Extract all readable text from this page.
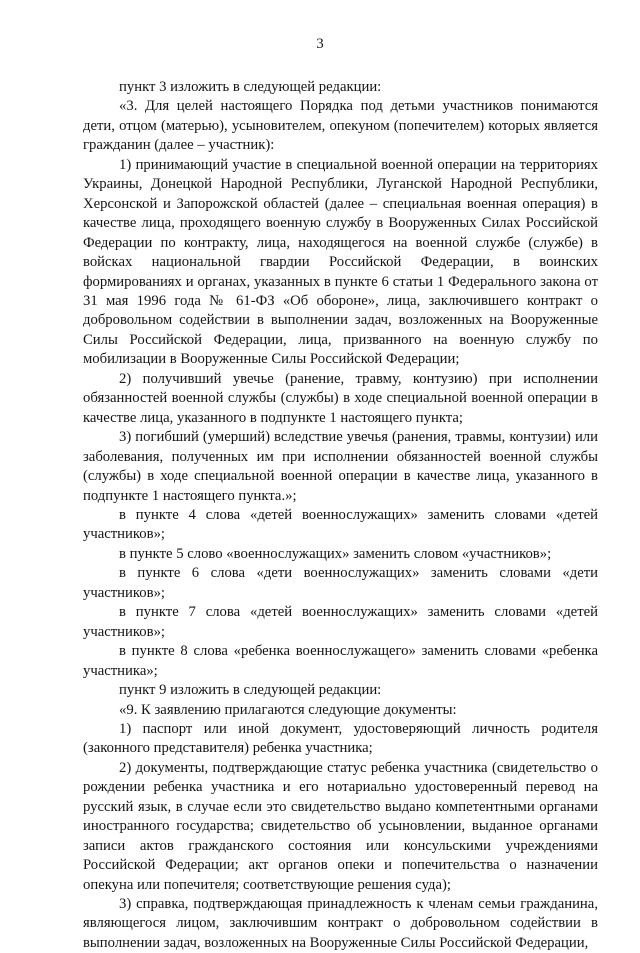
3

пункт 3 изложить в следующей редакции:

«3. Для целей настоящего Порядка под детьми участников понимаются дети, отцом (матерью), усыновителем, опекуном (попечителем) которых является гражданин (далее – участник):

1) принимающий участие в специальной военной операции на территориях Украины, Донецкой Народной Республики, Луганской Народной Республики, Херсонской и Запорожской областей (далее – специальная военная операция) в качестве лица, проходящего военную службу в Вооруженных Силах Российской Федерации по контракту, лица, находящегося на военной службе (службе) в войсках национальной гвардии Российской Федерации, в воинских формированиях и органах, указанных в пункте 6 статьи 1 Федерального закона от 31 мая 1996 года № 61-ФЗ «Об обороне», лица, заключившего контракт о добровольном содействии в выполнении задач, возложенных на Вооруженные Силы Российской Федерации, лица, призванного на военную службу по мобилизации в Вооруженные Силы Российской Федерации;

2) получивший увечье (ранение, травму, контузию) при исполнении обязанностей военной службы (службы) в ходе специальной военной операции в качестве лица, указанного в подпункте 1 настоящего пункта;

3) погибший (умерший) вследствие увечья (ранения, травмы, контузии) или заболевания, полученных им при исполнении обязанностей военной службы (службы) в ходе специальной военной операции в качестве лица, указанного в подпункте 1 настоящего пункта.»;

в пункте 4 слова «детей военнослужащих» заменить словами «детей участников»;

в пункте 5 слово «военнослужащих» заменить словом «участников»;

в пункте 6 слова «дети военнослужащих» заменить словами «дети участников»;

в пункте 7 слова «детей военнослужащих» заменить словами «детей участников»;

в пункте 8 слова «ребенка военнослужащего» заменить словами «ребенка участника»;

пункт 9 изложить в следующей редакции:

«9. К заявлению прилагаются следующие документы:

1) паспорт или иной документ, удостоверяющий личность родителя (законного представителя) ребенка участника;

2) документы, подтверждающие статус ребенка участника (свидетельство о рождении ребенка участника и его нотариально удостоверенный перевод на русский язык, в случае если это свидетельство выдано компетентными органами иностранного государства; свидетельство об усыновлении, выданное органами записи актов гражданского состояния или консульскими учреждениями Российской Федерации; акт органов опеки и попечительства о назначении опекуна или попечителя; соответствующие решения суда);

3) справка, подтверждающая принадлежность к членам семьи гражданина, являющегося лицом, заключившим контракт о добровольном содействии в выполнении задач, возложенных на Вооруженные Силы Российской Федерации,
